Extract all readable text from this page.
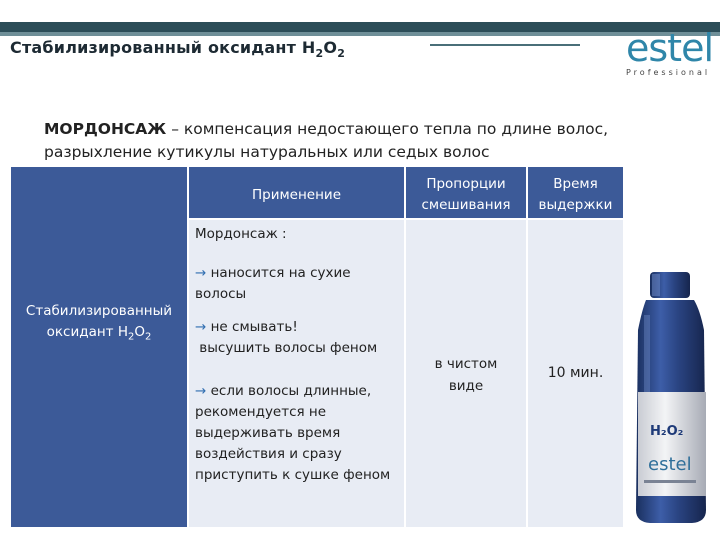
Стабилизированный оксидант $H_2O_2$	estel
Professional
МОРДОНСАЖ – компенсация недостающего тепла по длине волос,
разрыхление кутикулы натуральных или седых волос
Стабилизированный
оксидант $H_2O_2$
Применение
Пропорции
смешивания
Время
выдержки

Мордонсаж :

→ наносится на сухие волосы

→ не смывать!
высушить волосы феном

→ если волосы длинные, рекомендуется не выдерживать время воздействия и сразу приступить к сушке феном

в чистом
виде
10 мин.
H₂O₂
estel
